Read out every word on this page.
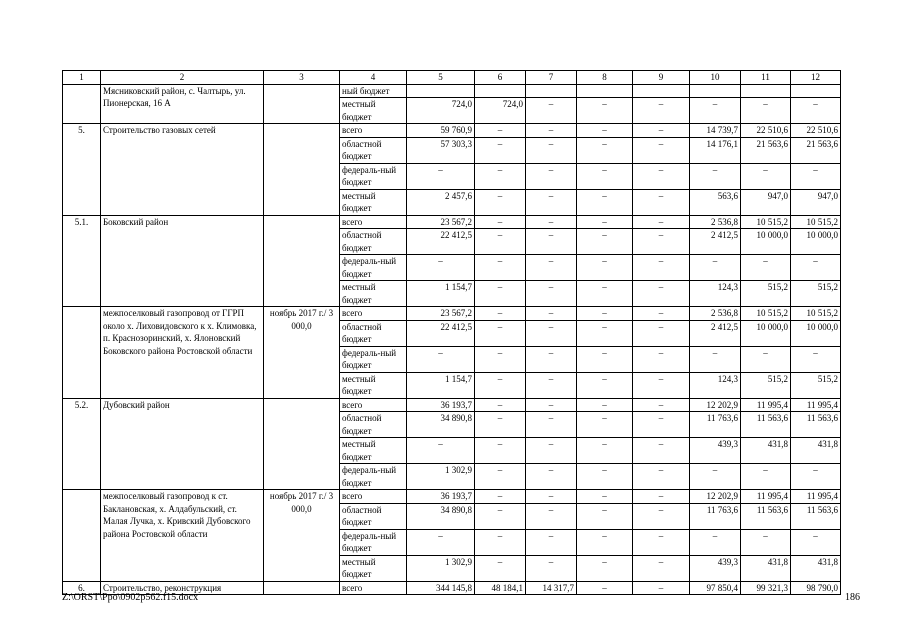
1	2	3	4	5	6	7	8	9	10	11	12
	Мясниковский район, с. Чалтырь, ул. Пионерская, 16 А		ный бюджет								
			местный бюджет	724,0	724,0	–	–	–	–	–	–
5.	Строительство газовых сетей		всего	59 760,9	–	–	–	–	14 739,7	22 510,6	22 510,6
			областной бюджет	57 303,3	–	–	–	–	14 176,1	21 563,6	21 563,6
			федераль-ный бюджет	–	–	–	–	–	–	–	–
			местный бюджет	2 457,6	–	–	–	–	563,6	947,0	947,0
5.1.	Боковский район		всего	23 567,2	–	–	–	–	2 536,8	10 515,2	10 515,2
			областной бюджет	22 412,5	–	–	–	–	2 412,5	10 000,0	10 000,0
			федераль-ный бюджет	–	–	–	–	–	–	–	–
			местный бюджет	1 154,7	–	–	–	–	124,3	515,2	515,2
	межпоселковый газопровод от ГГРП около х. Лиховидовского к х. Климовка, п. Краснозоринский, х. Ялоновский Боковского района Ростовской области	ноябрь 2017 г./ 3 000,0	всего	23 567,2	–	–	–	–	2 536,8	10 515,2	10 515,2
			областной бюджет	22 412,5	–	–	–	–	2 412,5	10 000,0	10 000,0
			федераль-ный бюджет	–	–	–	–	–	–	–	–
			местный бюджет	1 154,7	–	–	–	–	124,3	515,2	515,2
5.2.	Дубовский район		всего	36 193,7	–	–	–	–	12 202,9	11 995,4	11 995,4
			областной бюджет	34 890,8	–	–	–	–	11 763,6	11 563,6	11 563,6
			местный бюджет	–	–	–	–	–	439,3	431,8	431,8
			федераль-ный бюджет	1 302,9	–	–	–	–	–	–	–
	межпоселковый газопровод к ст. Баклановская, х. Алдабульский, ст. Малая Лучка, х. Кривский Дубовского района Ростовской области	ноябрь 2017 г./ 3 000,0	всего	36 193,7	–	–	–	–	12 202,9	11 995,4	11 995,4
			областной бюджет	34 890,8	–	–	–	–	11 763,6	11 563,6	11 563,6
			федераль-ный бюджет	–	–	–	–	–	–	–	–
			местный бюджет	1 302,9	–	–	–	–	439,3	431,8	431,8
6.	Строительство, реконструкция		всего	344 145,8	48 184,1	14 317,7	–	–	97 850,4	99 321,3	98 790,0
Z:\ORST\Ppo\0902p562.f15.docx	186
